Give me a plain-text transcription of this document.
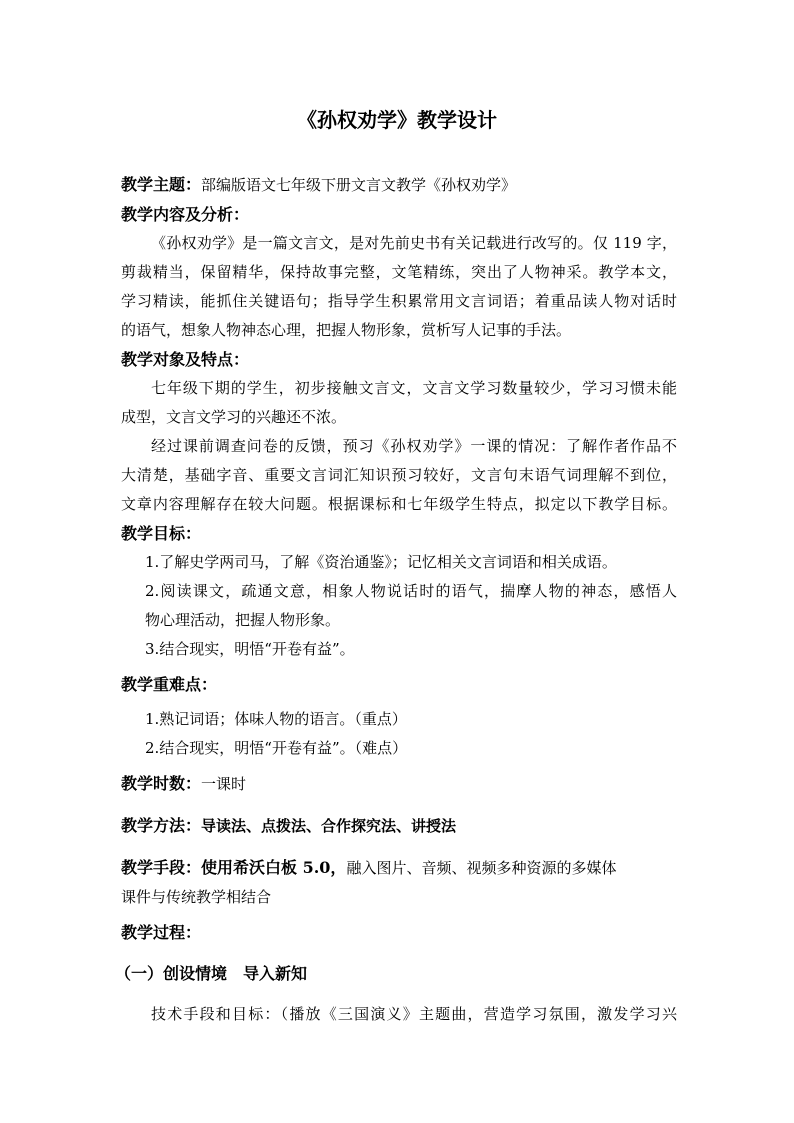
《孙权劝学》教学设计
教学主题：部编版语文七年级下册文言文教学《孙权劝学》
教学内容及分析：
《孙权劝学》是一篇文言文，是对先前史书有关记载进行改写的。仅 119 字，
剪裁精当，保留精华，保持故事完整，文笔精练，突出了人物神采。教学本文，
学习精读，能抓住关键语句；指导学生积累常用文言词语；着重品读人物对话时
的语气，想象人物神态心理，把握人物形象，赏析写人记事的手法。
教学对象及特点：
七年级下期的学生，初步接触文言文，文言文学习数量较少，学习习惯未能
成型，文言文学习的兴趣还不浓。
经过课前调查问卷的反馈，预习《孙权劝学》一课的情况：了解作者作品不
大清楚，基础字音、重要文言词汇知识预习较好，文言句末语气词理解不到位，
文章内容理解存在较大问题。根据课标和七年级学生特点，拟定以下教学目标。
教学目标：
1.了解史学两司马，了解《资治通鉴》；记忆相关文言词语和相关成语。
2.阅读课文，疏通文意，相象人物说话时的语气，揣摩人物的神态，感悟人
物心理活动，把握人物形象。
3.结合现实，明悟“开卷有益”。
教学重难点：
1.熟记词语；体味人物的语言。（重点）
2.结合现实，明悟“开卷有益”。（难点）
教学时数：一课时
教学方法：导读法、点拨法、合作探究法、讲授法
教学手段：使用希沃白板 5.0，融入图片、音频、视频多种资源的多媒体
课件与传统教学相结合
教学过程：
（一）创设情境　导入新知
技术手段和目标：（播放《三国演义》主题曲，营造学习氛围，激发学习兴
